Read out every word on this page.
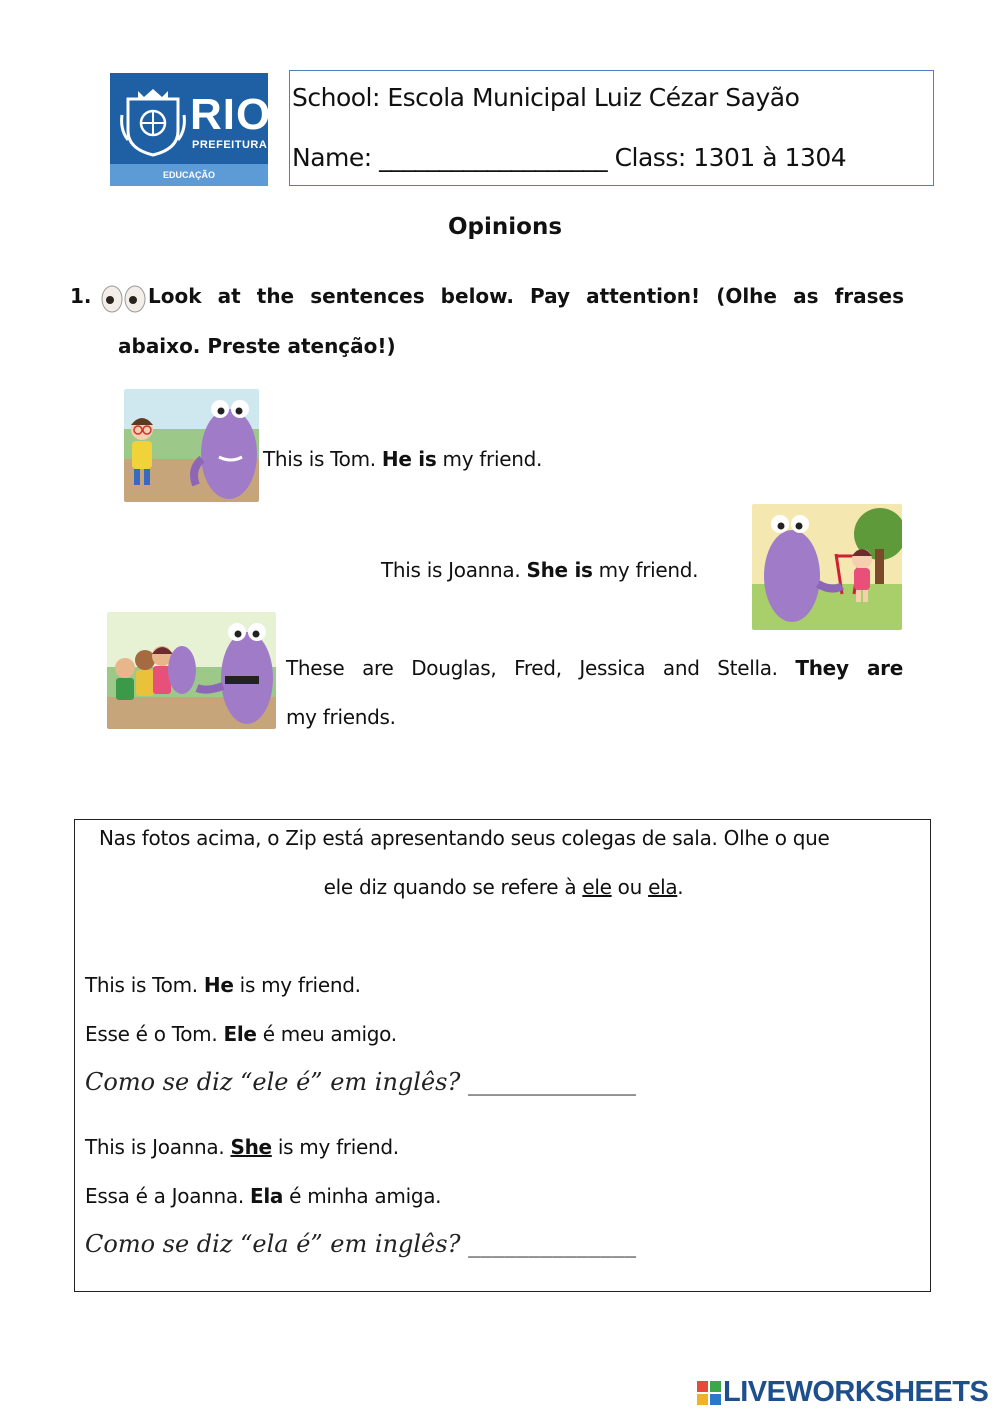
RIO
PREFEITURA
EDUCAÇÃO
School: Escola Municipal Luiz Cézar Sayão
Name: ___________________ Class: 1301 à 1304
Opinions
1.	Look at the sentences below. Pay attention! (Olhe as frases
abaixo. Preste atenção!)
This is Tom. He is my friend.
This is Joanna. She is my friend.
These are Douglas, Fred, Jessica and Stella. They are
my friends.
Nas fotos acima, o Zip está apresentando seus colegas de sala. Olhe o que
ele diz quando se refere à ele ou ela.
This is Tom. He is my friend.
Esse é o Tom. Ele é meu amigo.
Como se diz “ele é” em inglês? ______________
This is Joanna. She is my friend.
Essa é a Joanna. Ela é minha amiga.
Como se diz “ela é” em inglês? ______________
LIVEWORKSHEETS
